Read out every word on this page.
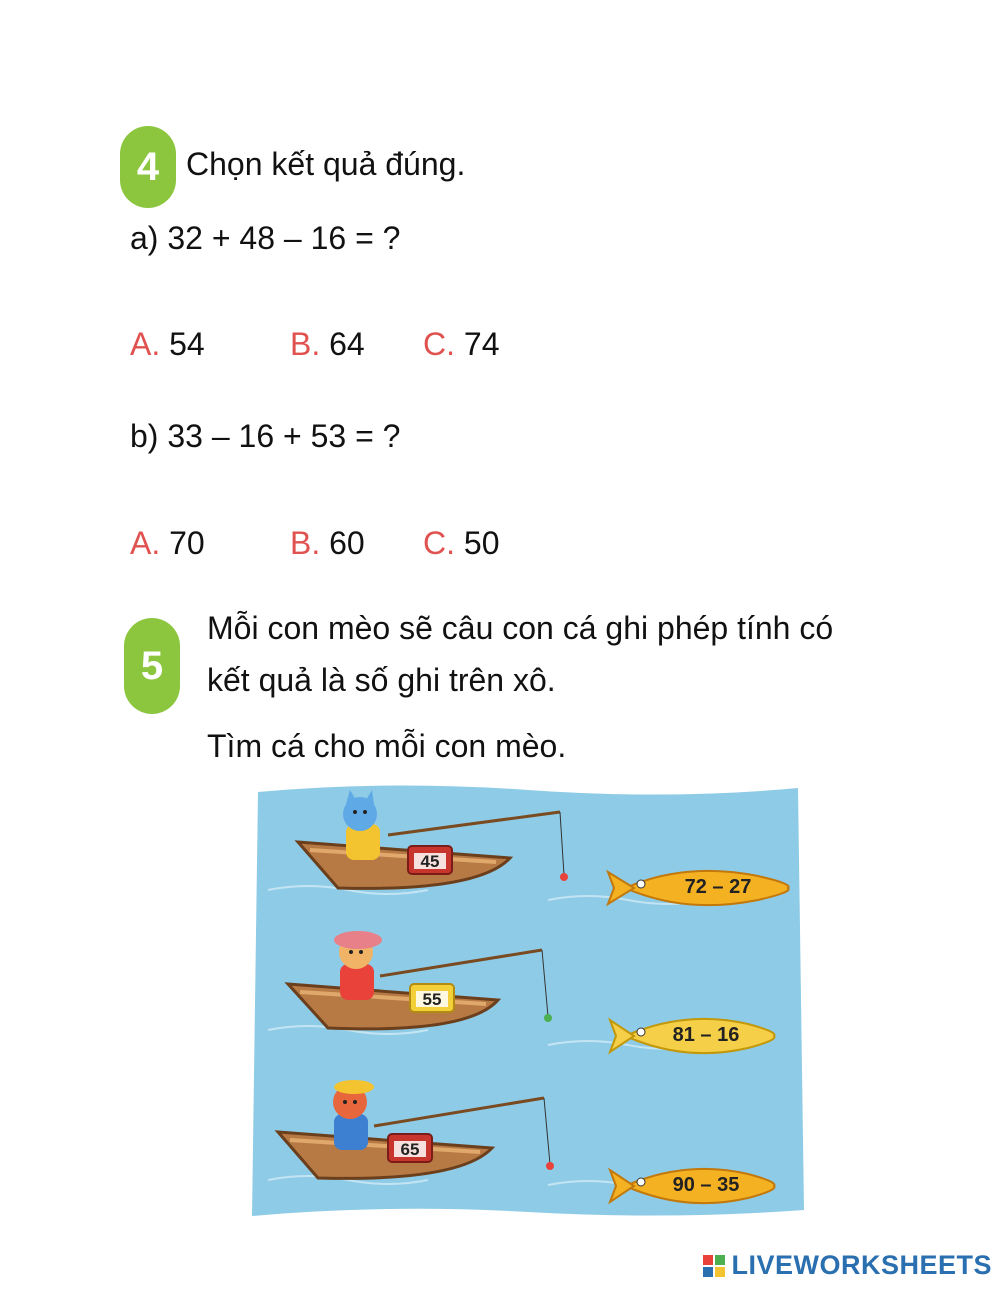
4 Chọn kết quả đúng.
a) 32 + 48 – 16 = ?
A. 54	B. 64 C. 74
b) 33 – 16 + 53 = ?
A. 70	B. 60 C. 50
5
Mỗi con mèo sẽ câu con cá ghi phép tính có
kết quả là số ghi trên xô.
Tìm cá cho mỗi con mèo.
45
72 – 27
55
81 – 16
65
90 – 35
LIVEWORKSHEETS
